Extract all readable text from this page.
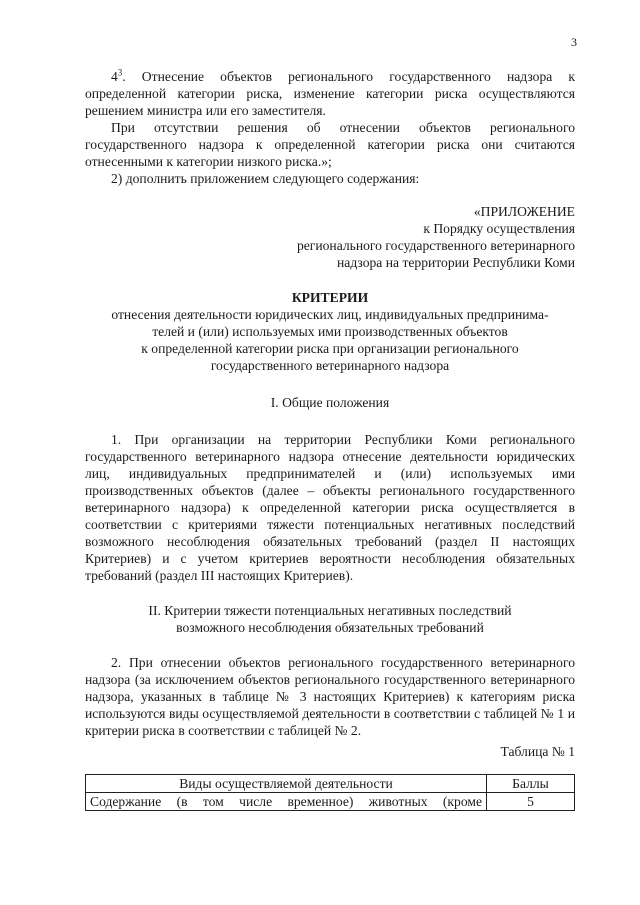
3

$4^3$. Отнесение объектов регионального государственного надзора к определенной категории риска, изменение категории риска осуществляются решением министра или его заместителя.

При отсутствии решения об отнесении объектов регионального государственного надзора к определенной категории риска они считаются отнесенными к категории низкого риска.»;

2) дополнить приложением следующего содержания:

«ПРИЛОЖЕНИЕ
к Порядку осуществления
регионального государственного ветеринарного
надзора на территории Республики Коми
КРИТЕРИИ
отнесения деятельности юридических лиц, индивидуальных предпринима-
телей и (или) используемых ими производственных объектов
к определенной категории риска при организации регионального
государственного ветеринарного надзора
I. Общие положения

1. При организации на территории Республики Коми регионального государственного ветеринарного надзора отнесение деятельности юридических лиц, индивидуальных предпринимателей и (или) используемых ими производственных объектов (далее – объекты регионального государственного ветеринарного надзора) к определенной категории риска осуществляется в соответствии с критериями тяжести потенциальных негативных последствий возможного несоблюдения обязательных требований (раздел II настоящих Критериев) и с учетом критериев вероятности несоблюдения обязательных требований (раздел III настоящих Критериев).

II. Критерии тяжести потенциальных негативных последствий
возможного несоблюдения обязательных требований

2. При отнесении объектов регионального государственного ветеринарного надзора (за исключением объектов регионального государственного ветеринарного надзора, указанных в таблице № 3 настоящих Критериев) к категориям риска используются виды осуществляемой деятельности в соответствии с таблицей № 1 и критерии риска в соответствии с таблицей № 2.

Таблица № 1
Виды осуществляемой деятельности	Баллы
Содержание (в том числе временное) животных (кроме	5
